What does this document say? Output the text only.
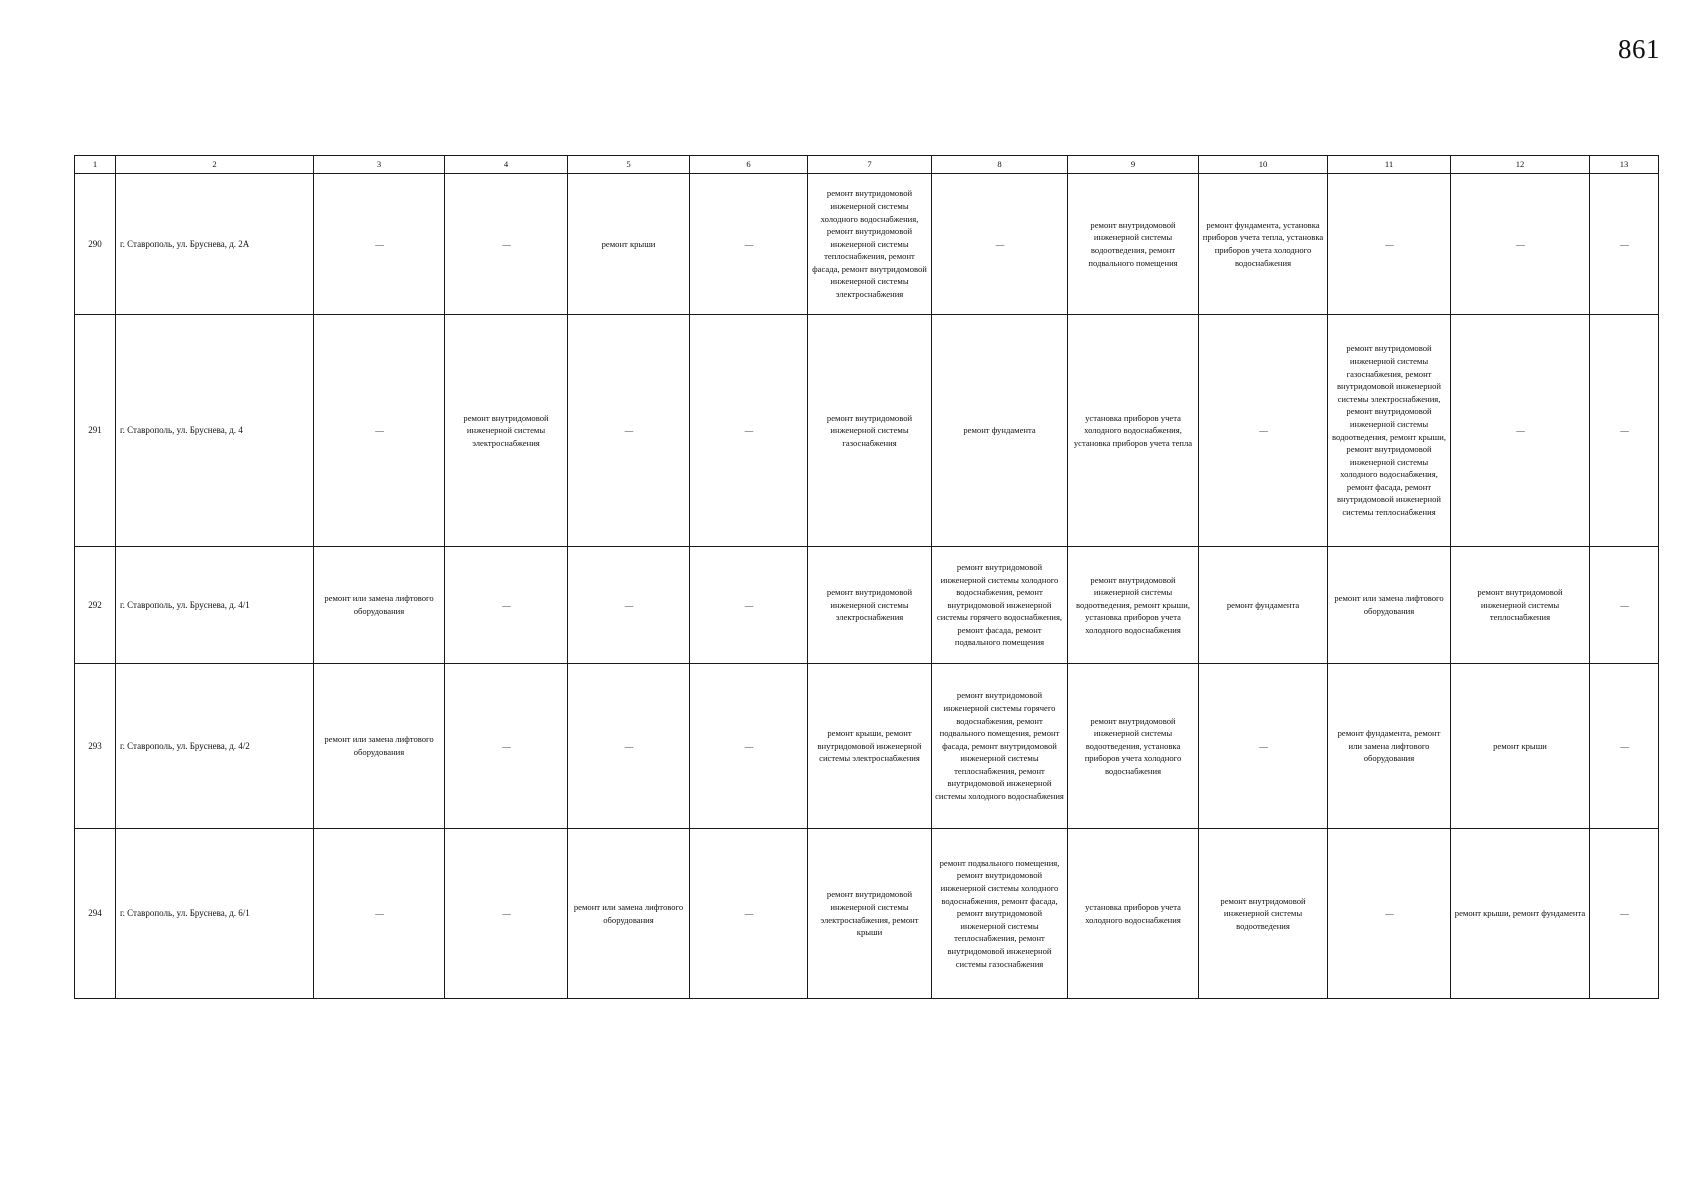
861
1	2	3	4	5	6	7	8	9	10	11	12	13
290	г. Ставрополь, ул. Бруснева, д. 2А	—	—	ремонт крыши	—	ремонт внутридомовой инженерной системы холодного водоснабжения, ремонт внутридомовой инженерной системы теплоснабжения, ремонт фасада, ремонт внутридомовой инженерной системы электроснабжения	—	ремонт внутридомовой инженерной системы водоотведения, ремонт подвального помещения	ремонт фундамента, установка приборов учета тепла, установка приборов учета холодного водоснабжения	—	—	—
291	г. Ставрополь, ул. Бруснева, д. 4	—	ремонт внутридомовой инженерной системы электроснабжения	—	—	ремонт внутридомовой инженерной системы газоснабжения	ремонт фундамента	установка приборов учета холодного водоснабжения, установка приборов учета тепла	—	ремонт внутридомовой инженерной системы газоснабжения, ремонт внутридомовой инженерной системы электроснабжения, ремонт внутридомовой инженерной системы водоотведения, ремонт крыши, ремонт внутридомовой инженерной системы холодного водоснабжения, ремонт фасада, ремонт внутридомовой инженерной системы теплоснабжения	—	—
292	г. Ставрополь, ул. Бруснева, д. 4/1	ремонт или замена лифтового оборудования	—	—	—	ремонт внутридомовой инженерной системы электроснабжения	ремонт внутридомовой инженерной системы холодного водоснабжения, ремонт внутридомовой инженерной системы горячего водоснабжения, ремонт фасада, ремонт подвального помещения	ремонт внутридомовой инженерной системы водоотведения, ремонт крыши, установка приборов учета холодного водоснабжения	ремонт фундамента	ремонт или замена лифтового оборудования	ремонт внутридомовой инженерной системы теплоснабжения	—
293	г. Ставрополь, ул. Бруснева, д. 4/2	ремонт или замена лифтового оборудования	—	—	—	ремонт крыши, ремонт внутридомовой инженерной системы электроснабжения	ремонт внутридомовой инженерной системы горячего водоснабжения, ремонт подвального помещения, ремонт фасада, ремонт внутридомовой инженерной системы теплоснабжения, ремонт внутридомовой инженерной системы холодного водоснабжения	ремонт внутридомовой инженерной системы водоотведения, установка приборов учета холодного водоснабжения	—	ремонт фундамента, ремонт или замена лифтового оборудования	ремонт крыши	—
294	г. Ставрополь, ул. Бруснева, д. 6/1	—	—	ремонт или замена лифтового оборудования	—	ремонт внутридомовой инженерной системы электроснабжения, ремонт крыши	ремонт подвального помещения, ремонт внутридомовой инженерной системы холодного водоснабжения, ремонт фасада, ремонт внутридомовой инженерной системы теплоснабжения, ремонт внутридомовой инженерной системы газоснабжения	установка приборов учета холодного водоснабжения	ремонт внутридомовой инженерной системы водоотведения	—	ремонт крыши, ремонт фундамента	—
